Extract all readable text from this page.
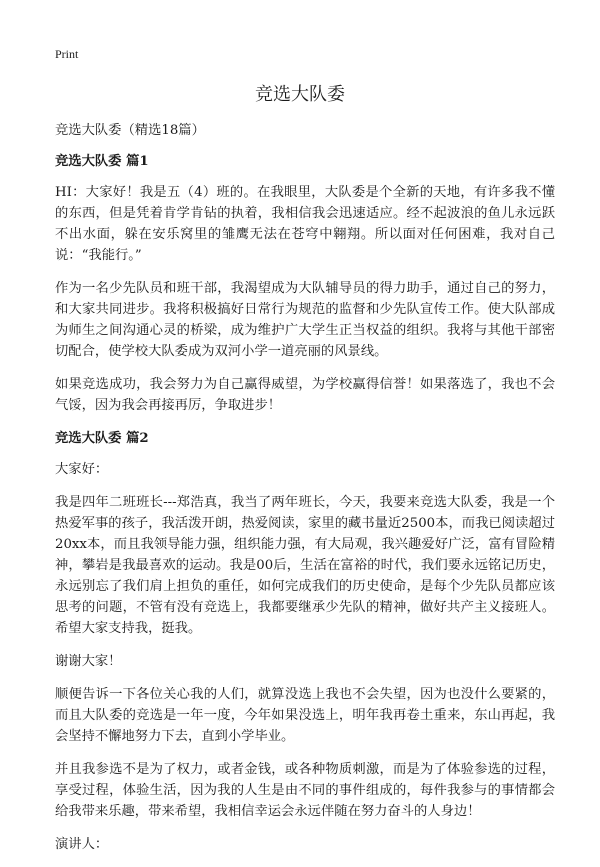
Print
竞选大队委

竞选大队委（精选18篇）

竞选大队委 篇1

HI：大家好！我是五（4）班的。在我眼里，大队委是个全新的天地，有许多我不懂的东西，但是凭着肯学肯钻的执着，我相信我会迅速适应。经不起波浪的鱼儿永远跃不出水面，躲在安乐窝里的雏鹰无法在苍穹中翱翔。所以面对任何困难，我对自己说：“我能行。”

作为一名少先队员和班干部，我渴望成为大队辅导员的得力助手，通过自己的努力，和大家共同进步。我将积极搞好日常行为规范的监督和少先队宣传工作。使大队部成为师生之间沟通心灵的桥梁，成为维护广大学生正当权益的组织。我将与其他干部密切配合，使学校大队委成为双河小学一道亮丽的风景线。

如果竞选成功，我会努力为自己赢得威望，为学校赢得信誉！如果落选了，我也不会气馁，因为我会再接再厉，争取进步！

竞选大队委 篇2

大家好：

我是四年二班班长---郑浩真，我当了两年班长，今天，我要来竞选大队委，我是一个热爱军事的孩子，我活泼开朗，热爱阅读，家里的藏书量近2500本，而我已阅读超过20xx本，而且我领导能力强，组织能力强，有大局观，我兴趣爱好广泛，富有冒险精神，攀岩是我最喜欢的运动。我是00后，生活在富裕的时代，我们要永远铭记历史，永远别忘了我们肩上担负的重任，如何完成我们的历史使命，是每个少先队员都应该思考的问题，不管有没有竞选上，我都要继承少先队的精神，做好共产主义接班人。希望大家支持我，挺我。

谢谢大家！

顺便告诉一下各位关心我的人们，就算没选上我也不会失望，因为也没什么要紧的，而且大队委的竞选是一年一度，今年如果没选上，明年我再卷土重来，东山再起，我会坚持不懈地努力下去，直到小学毕业。

并且我参选不是为了权力，或者金钱，或各种物质刺激，而是为了体验参选的过程，享受过程，体验生活，因为我的人生是由不同的事件组成的，每件我参与的事情都会给我带来乐趣，带来希望，我相信幸运会永远伴随在努力奋斗的人身边！

演讲人：
